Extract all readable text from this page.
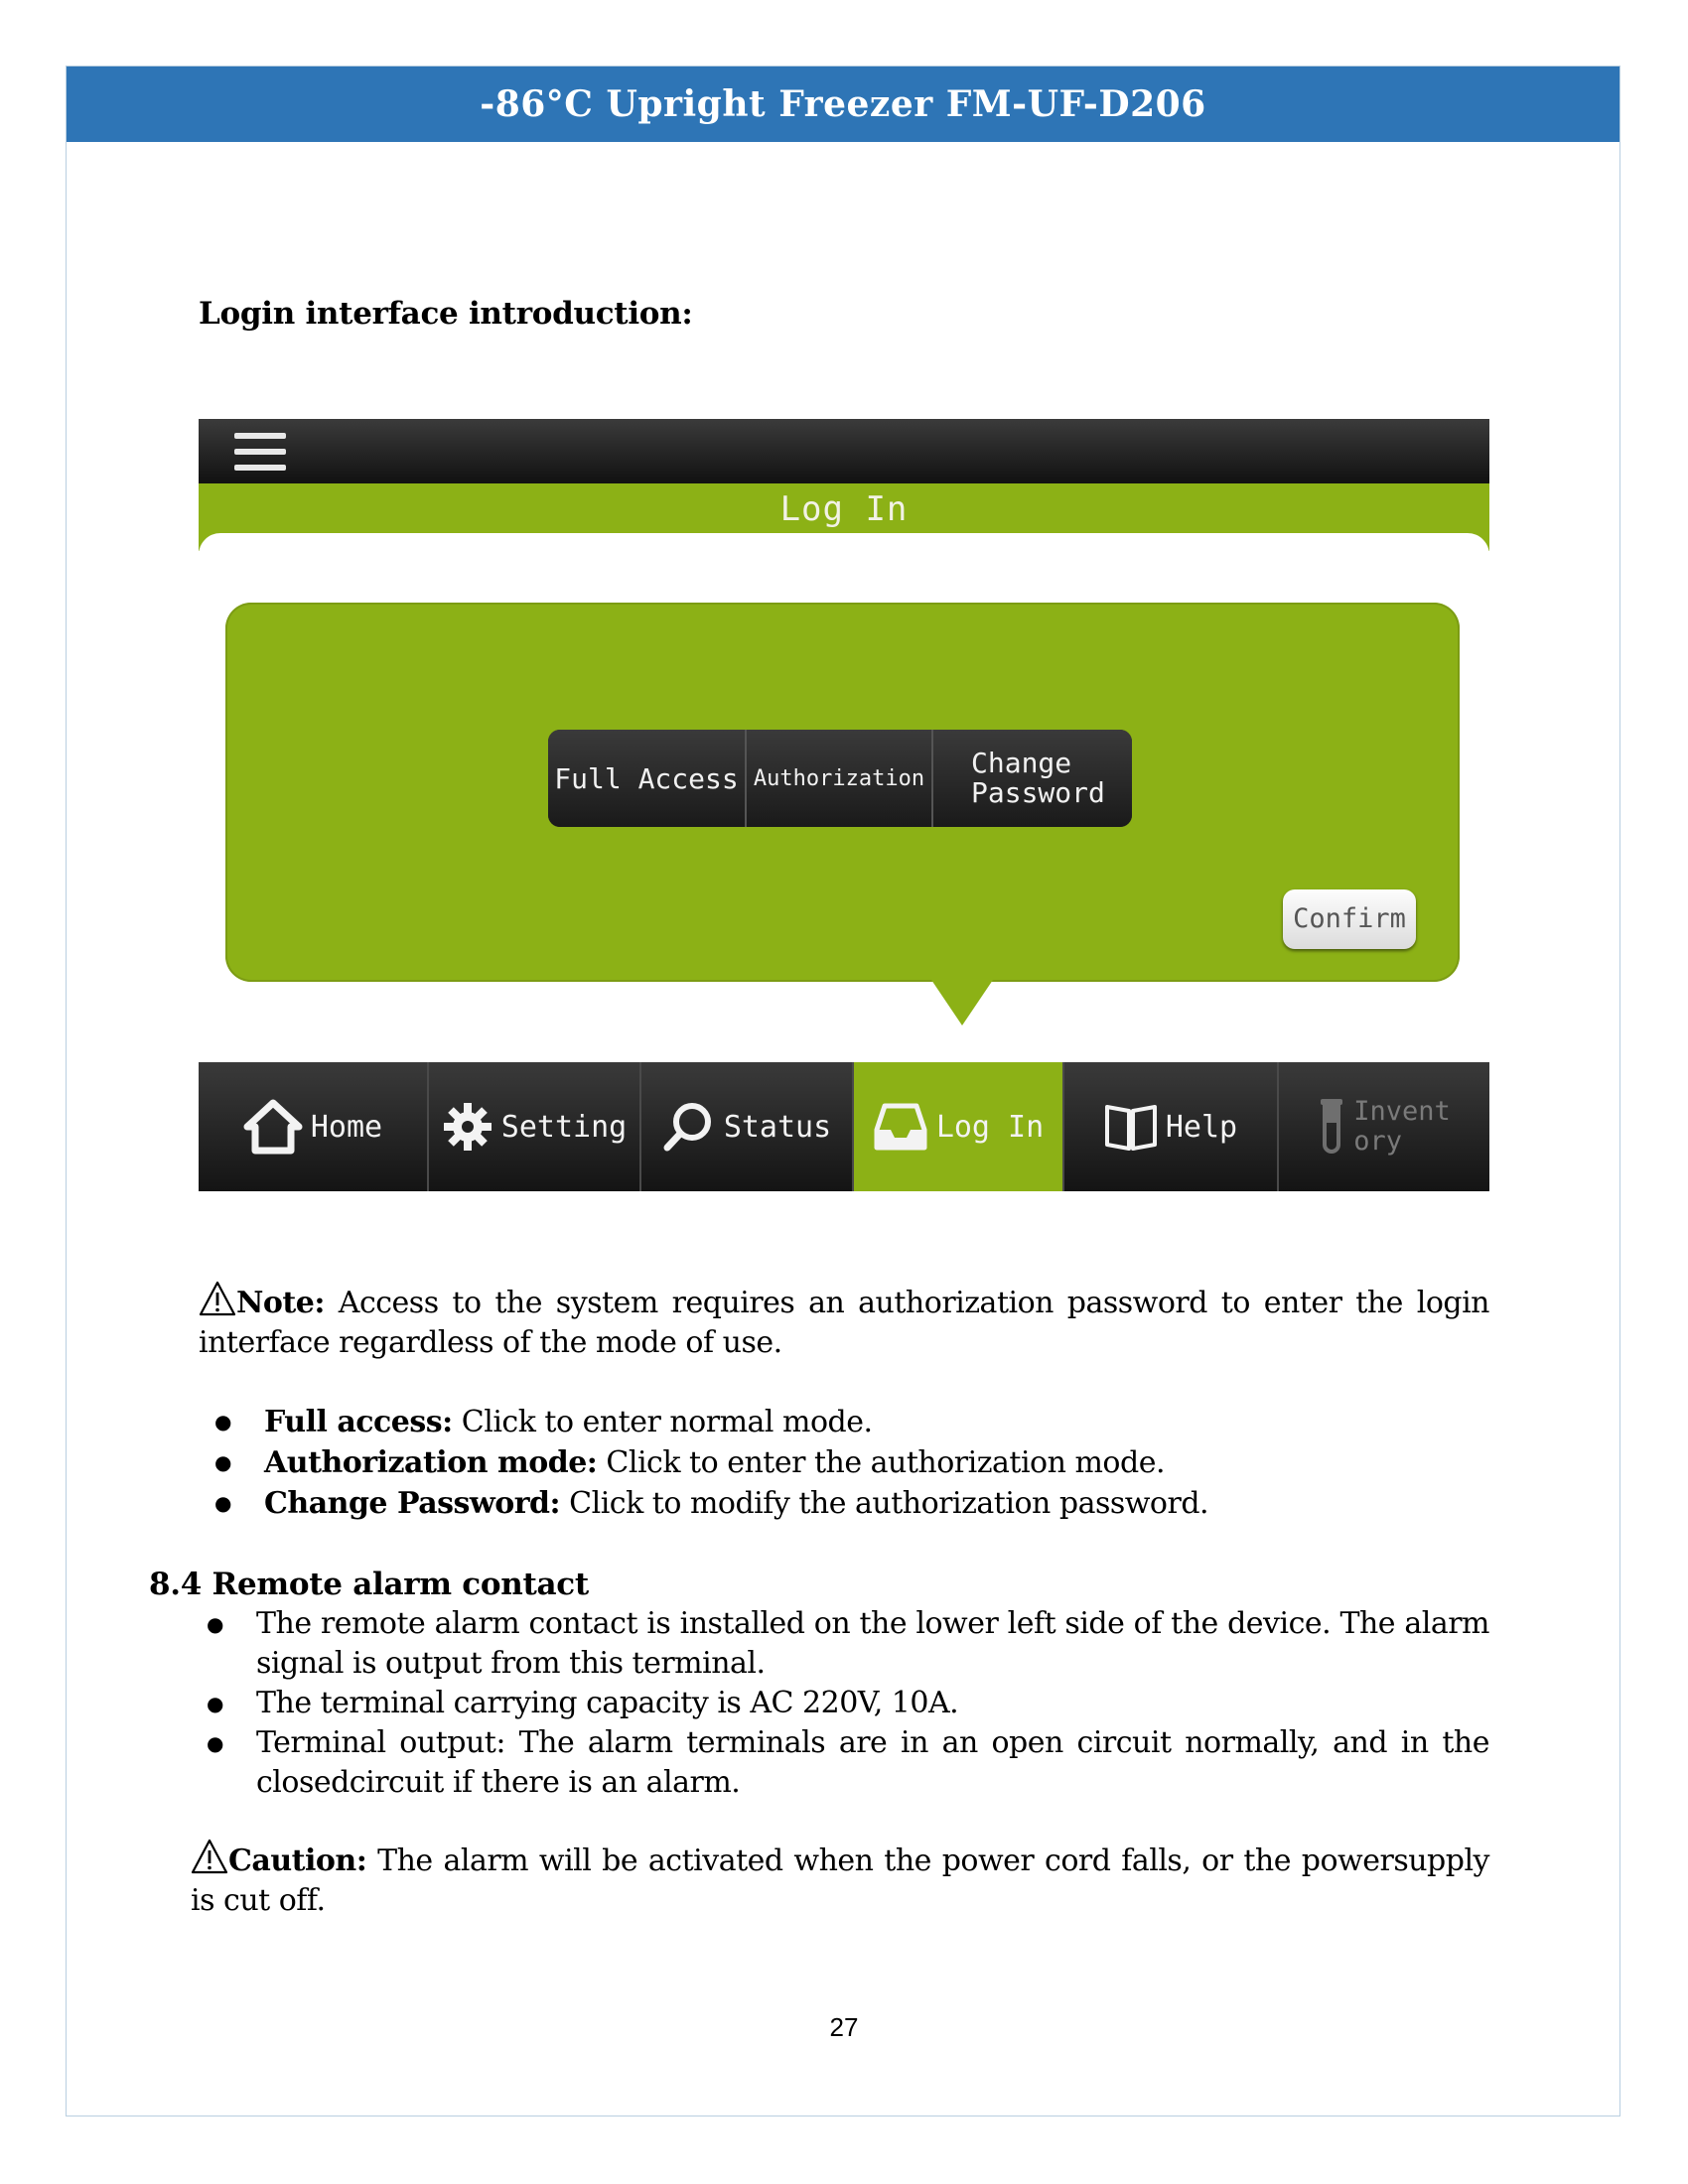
-86°C Upright Freezer FM-UF-D206
Login interface introduction:
Log In
Full Access Authorization	Change
Password
Confirm
Home	Setting	Status	Log In	Help	Invent
ory
Note: Access to the system requires an authorization password to enter the login interface regardless of the mode of use.
● Full access: Click to enter normal mode.
● Authorization mode: Click to enter the authorization mode.
● Change Password: Click to modify the authorization password.
8.4 Remote alarm contact
● The remote alarm contact is installed on the lower left side of the device. The alarm signal is output from this terminal.
● The terminal carrying capacity is AC 220V, 10A.
● Terminal output: The alarm terminals are in an open circuit normally, and in the closedcircuit if there is an alarm.
Caution: The alarm will be activated when the power cord falls, or the powersupply is cut off.
27
